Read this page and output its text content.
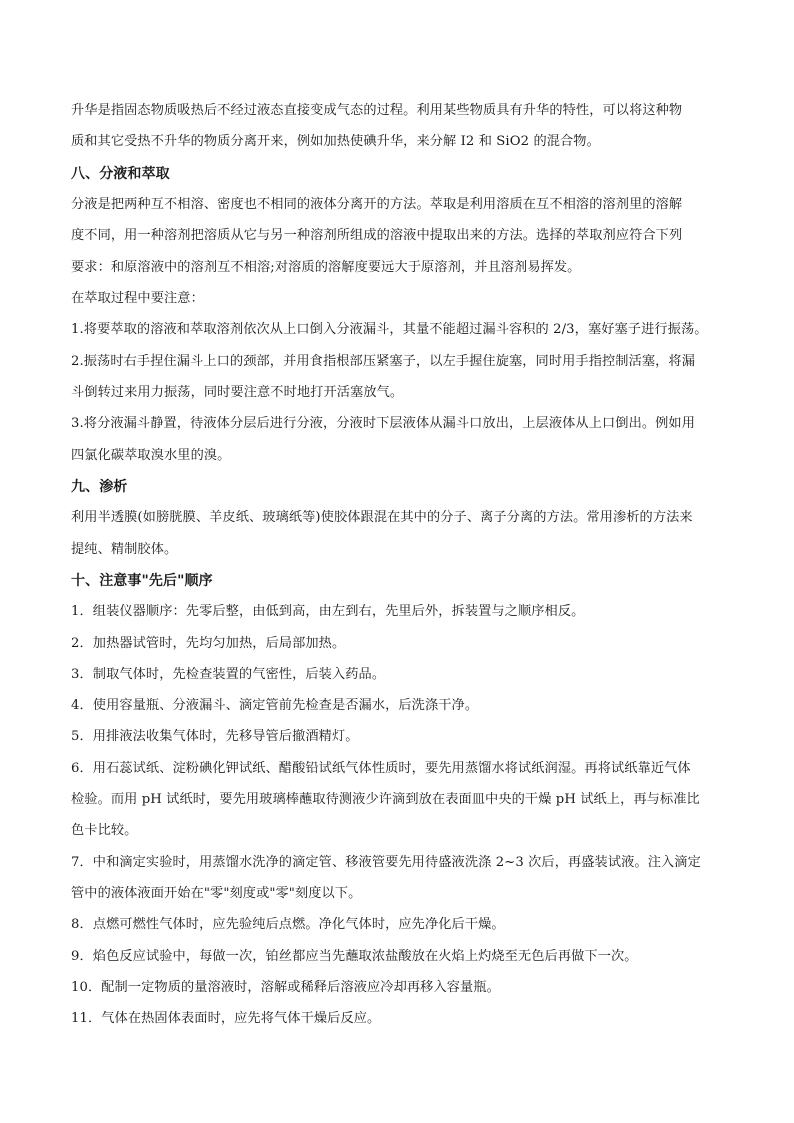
升华是指固态物质吸热后不经过液态直接变成气态的过程。利用某些物质具有升华的特性，可以将这种物
质和其它受热不升华的物质分离开来，例如加热使碘升华，来分解 I2 和 SiO2 的混合物。
八、分液和萃取
分液是把两种互不相溶、密度也不相同的液体分离开的方法。萃取是利用溶质在互不相溶的溶剂里的溶解
度不同，用一种溶剂把溶质从它与另一种溶剂所组成的溶液中提取出来的方法。选择的萃取剂应符合下列
要求：和原溶液中的溶剂互不相溶;对溶质的溶解度要远大于原溶剂，并且溶剂易挥发。
在萃取过程中要注意：
1.将要萃取的溶液和萃取溶剂依次从上口倒入分液漏斗，其量不能超过漏斗容积的 2/3，塞好塞子进行振荡。
2.振荡时右手捏住漏斗上口的颈部，并用食指根部压紧塞子，以左手握住旋塞，同时用手指控制活塞，将漏
斗倒转过来用力振荡，同时要注意不时地打开活塞放气。
3.将分液漏斗静置，待液体分层后进行分液，分液时下层液体从漏斗口放出，上层液体从上口倒出。例如用
四氯化碳萃取溴水里的溴。
九、渗析
利用半透膜(如膀胱膜、羊皮纸、玻璃纸等)使胶体跟混在其中的分子、离子分离的方法。常用渗析的方法来
提纯、精制胶体。
十、注意事"先后"顺序
1．组装仪器顺序：先零后整，由低到高，由左到右，先里后外，拆装置与之顺序相反。
2．加热器试管时，先均匀加热，后局部加热。
3．制取气体时，先检查装置的气密性，后装入药品。
4．使用容量瓶、分液漏斗、滴定管前先检查是否漏水，后洗涤干净。
5．用排液法收集气体时，先移导管后撤酒精灯。
6．用石蕊试纸、淀粉碘化钾试纸、醋酸铅试纸气体性质时，要先用蒸馏水将试纸润湿。再将试纸靠近气体
检验。而用 pH 试纸时，要先用玻璃棒蘸取待测液少许滴到放在表面皿中央的干燥 pH 试纸上，再与标准比
色卡比较。
7．中和滴定实验时，用蒸馏水洗净的滴定管、移液管要先用待盛液洗涤 2~3 次后，再盛装试液。注入滴定
管中的液体液面开始在"零"刻度或"零"刻度以下。
8．点燃可燃性气体时，应先验纯后点燃。净化气体时，应先净化后干燥。
9．焰色反应试验中，每做一次，铂丝都应当先蘸取浓盐酸放在火焰上灼烧至无色后再做下一次。
10．配制一定物质的量溶液时，溶解或稀释后溶液应冷却再移入容量瓶。
11．气体在热固体表面时，应先将气体干燥后反应。
